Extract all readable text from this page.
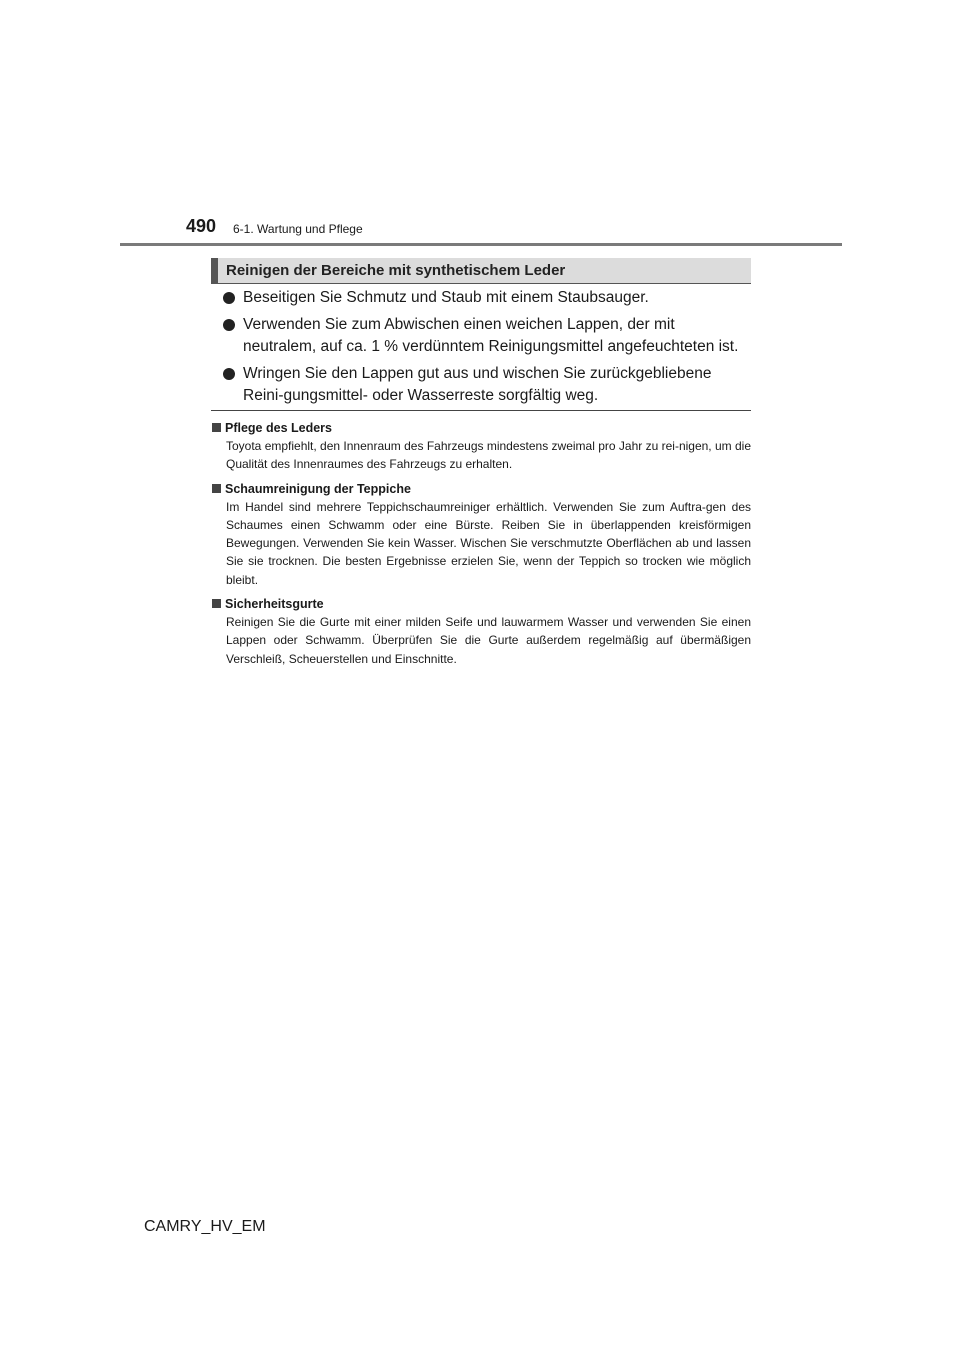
490 6-1. Wartung und Pflege
Reinigen der Bereiche mit synthetischem Leder
Beseitigen Sie Schmutz und Staub mit einem Staubsauger.
Verwenden Sie zum Abwischen einen weichen Lappen, der mit neutralem, auf ca. 1 % verdünntem Reinigungsmittel angefeuchteten ist.
Wringen Sie den Lappen gut aus und wischen Sie zurückgebliebene Reini-gungsmittel- oder Wasserreste sorgfältig weg.
Pflege des Leders
Toyota empfiehlt, den Innenraum des Fahrzeugs mindestens zweimal pro Jahr zu rei-nigen, um die Qualität des Innenraumes des Fahrzeugs zu erhalten.
Schaumreinigung der Teppiche
Im Handel sind mehrere Teppichschaumreiniger erhältlich. Verwenden Sie zum Auftra-gen des Schaumes einen Schwamm oder eine Bürste. Reiben Sie in überlappenden kreisförmigen Bewegungen. Verwenden Sie kein Wasser. Wischen Sie verschmutzte Oberflächen ab und lassen Sie sie trocknen. Die besten Ergebnisse erzielen Sie, wenn der Teppich so trocken wie möglich bleibt.
Sicherheitsgurte
Reinigen Sie die Gurte mit einer milden Seife und lauwarmem Wasser und verwenden Sie einen Lappen oder Schwamm. Überprüfen Sie die Gurte außerdem regelmäßig auf übermäßigen Verschleiß, Scheuerstellen und Einschnitte.
CAMRY_HV_EM
